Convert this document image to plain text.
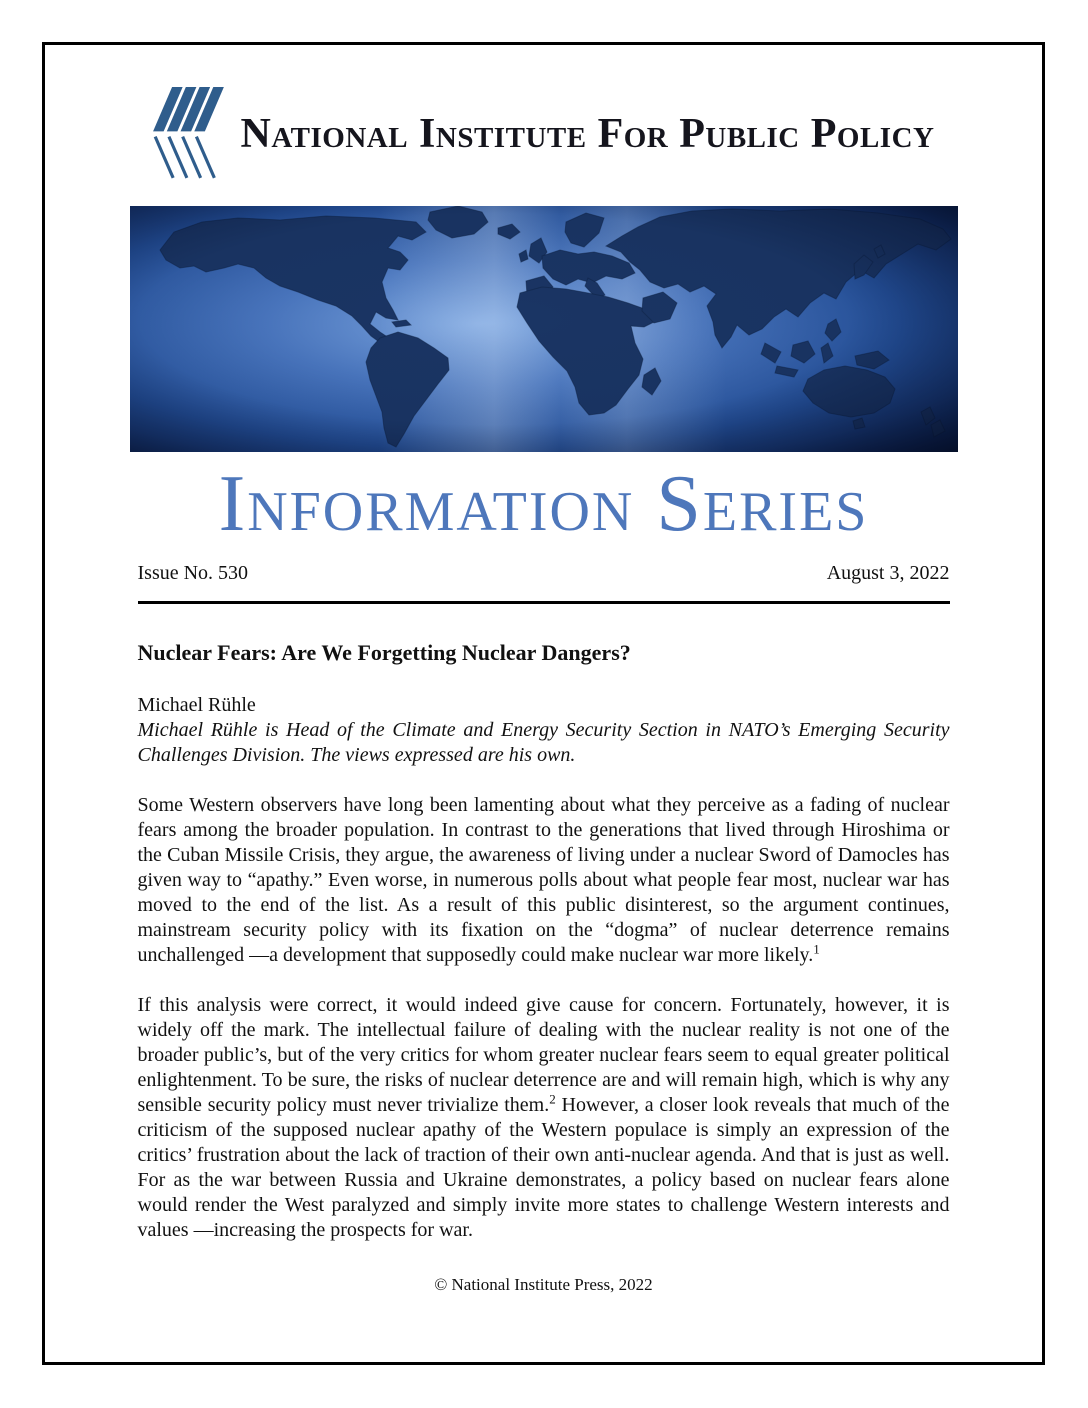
National Institute For Public Policy
Information Series
Issue No. 530	August 3, 2022
Nuclear Fears: Are We Forgetting Nuclear Dangers?

Michael Rühle

Michael Rühle is Head of the Climate and Energy Security Section in NATO’s Emerging Security Challenges Division. The views expressed are his own.

Some Western observers have long been lamenting about what they perceive as a fading of nuclear fears among the broader population. In contrast to the generations that lived through Hiroshima or the Cuban Missile Crisis, they argue, the awareness of living under a nuclear Sword of Damocles has given way to “apathy.” Even worse, in numerous polls about what people fear most, nuclear war has moved to the end of the list. As a result of this public disinterest, so the argument continues, mainstream security policy with its fixation on the “dogma” of nuclear deterrence remains unchallenged —a development that supposedly could make nuclear war more likely.$^1$

If this analysis were correct, it would indeed give cause for concern. Fortunately, however, it is widely off the mark. The intellectual failure of dealing with the nuclear reality is not one of the broader public’s, but of the very critics for whom greater nuclear fears seem to equal greater political enlightenment. To be sure, the risks of nuclear deterrence are and will remain high, which is why any sensible security policy must never trivialize them.$^2$ However, a closer look reveals that much of the criticism of the supposed nuclear apathy of the Western populace is simply an expression of the critics’ frustration about the lack of traction of their own anti-nuclear agenda. And that is just as well. For as the war between Russia and Ukraine demonstrates, a policy based on nuclear fears alone would render the West paralyzed and simply invite more states to challenge Western interests and values —increasing the prospects for war.

© National Institute Press, 2022
